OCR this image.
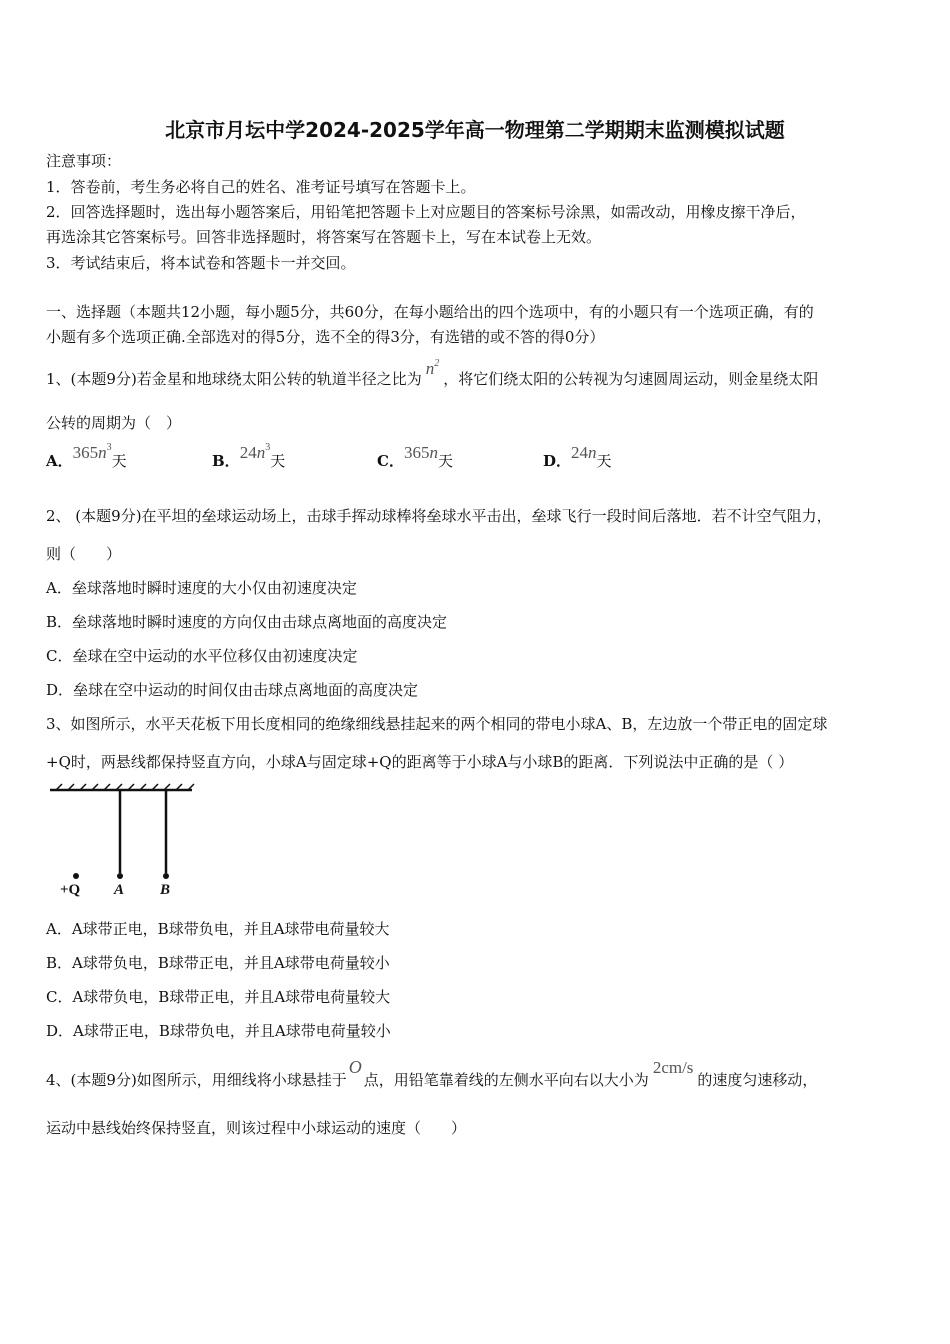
北京市月坛中学2024-2025学年高一物理第二学期期末监测模拟试题
注意事项：
1．答卷前，考生务必将自己的姓名、准考证号填写在答题卡上。
2．回答选择题时，选出每小题答案后，用铅笔把答题卡上对应题目的答案标号涂黑，如需改动，用橡皮擦干净后，
再选涂其它答案标号。回答非选择题时，将答案写在答题卡上，写在本试卷上无效。
3．考试结束后，将本试卷和答题卡一并交回。
一、选择题（本题共12小题，每小题5分，共60分，在每小题给出的四个选项中，有的小题只有一个选项正确，有的
小题有多个选项正确.全部选对的得5分，选不全的得3分，有选错的或不答的得0分）
1、(本题9分)若金星和地球绕太阳公转的轨道半径之比为$n^2$，将它们绕太阳的公转视为匀速圆周运动，则金星绕太阳
公转的周期为（　）
A．$365n^3$天	B．$24n^3$天	C．365n天	D．24n天
2、 (本题9分)在平坦的垒球运动场上，击球手挥动球棒将垒球水平击出，垒球飞行一段时间后落地．若不计空气阻力，
则（　　）
A．垒球落地时瞬时速度的大小仅由初速度决定
B．垒球落地时瞬时速度的方向仅由击球点离地面的高度决定
C．垒球在空中运动的水平位移仅由初速度决定
D．垒球在空中运动的时间仅由击球点离地面的高度决定
3、如图所示，水平天花板下用长度相同的绝缘细线悬挂起来的两个相同的带电小球A、B，左边放一个带正电的固定球
+Q时，两悬线都保持竖直方向，小球A与固定球+Q的距离等于小球A与小球B的距离．下列说法中正确的是（ ）
+Q A B
A．A球带正电，B球带负电，并且A球带电荷量较大
B．A球带负电，B球带正电，并且A球带电荷量较小
C．A球带负电，B球带正电，并且A球带电荷量较大
D．A球带正电，B球带负电，并且A球带电荷量较小
4、(本题9分)如图所示，用细线将小球悬挂于O点，用铅笔靠着线的左侧水平向右以大小为2cm/s的速度匀速移动，
运动中悬线始终保持竖直，则该过程中小球运动的速度（　　）
